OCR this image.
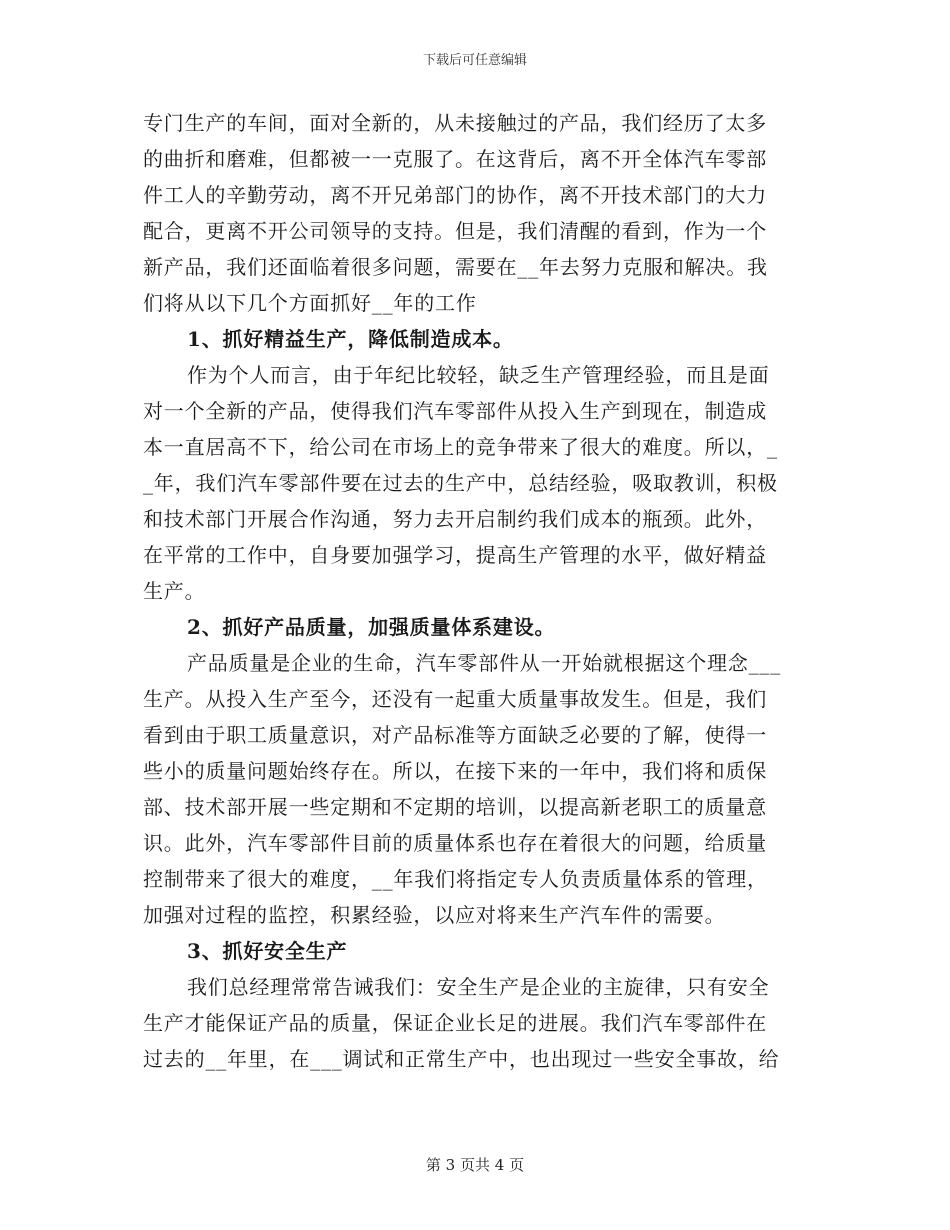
下载后可任意编辑
专门生产的车间，面对全新的，从未接触过的产品，我们经历了太多
的曲折和磨难，但都被一一克服了。在这背后，离不开全体汽车零部
件工人的辛勤劳动，离不开兄弟部门的协作，离不开技术部门的大力
配合，更离不开公司领导的支持。但是，我们清醒的看到，作为一个
新产品，我们还面临着很多问题，需要在__年去努力克服和解决。我
们将从以下几个方面抓好__年的工作
1、抓好精益生产，降低制造成本。
作为个人而言，由于年纪比较轻，缺乏生产管理经验，而且是面
对一个全新的产品，使得我们汽车零部件从投入生产到现在，制造成
本一直居高不下，给公司在市场上的竞争带来了很大的难度。所以，_
_年，我们汽车零部件要在过去的生产中，总结经验，吸取教训，积极
和技术部门开展合作沟通，努力去开启制约我们成本的瓶颈。此外，
在平常的工作中，自身要加强学习，提高生产管理的水平，做好精益
生产。
2、抓好产品质量，加强质量体系建设。
产品质量是企业的生命，汽车零部件从一开始就根据这个理念___
生产。从投入生产至今，还没有一起重大质量事故发生。但是，我们
看到由于职工质量意识，对产品标准等方面缺乏必要的了解，使得一
些小的质量问题始终存在。所以，在接下来的一年中，我们将和质保
部、技术部开展一些定期和不定期的培训，以提高新老职工的质量意
识。此外，汽车零部件目前的质量体系也存在着很大的问题，给质量
控制带来了很大的难度，__年我们将指定专人负责质量体系的管理，
加强对过程的监控，积累经验，以应对将来生产汽车件的需要。
3、抓好安全生产
我们总经理常常告诫我们：安全生产是企业的主旋律，只有安全
生产才能保证产品的质量，保证企业长足的进展。我们汽车零部件在
过去的__年里，在___调试和正常生产中，也出现过一些安全事故，给
第 3 页共 4 页
